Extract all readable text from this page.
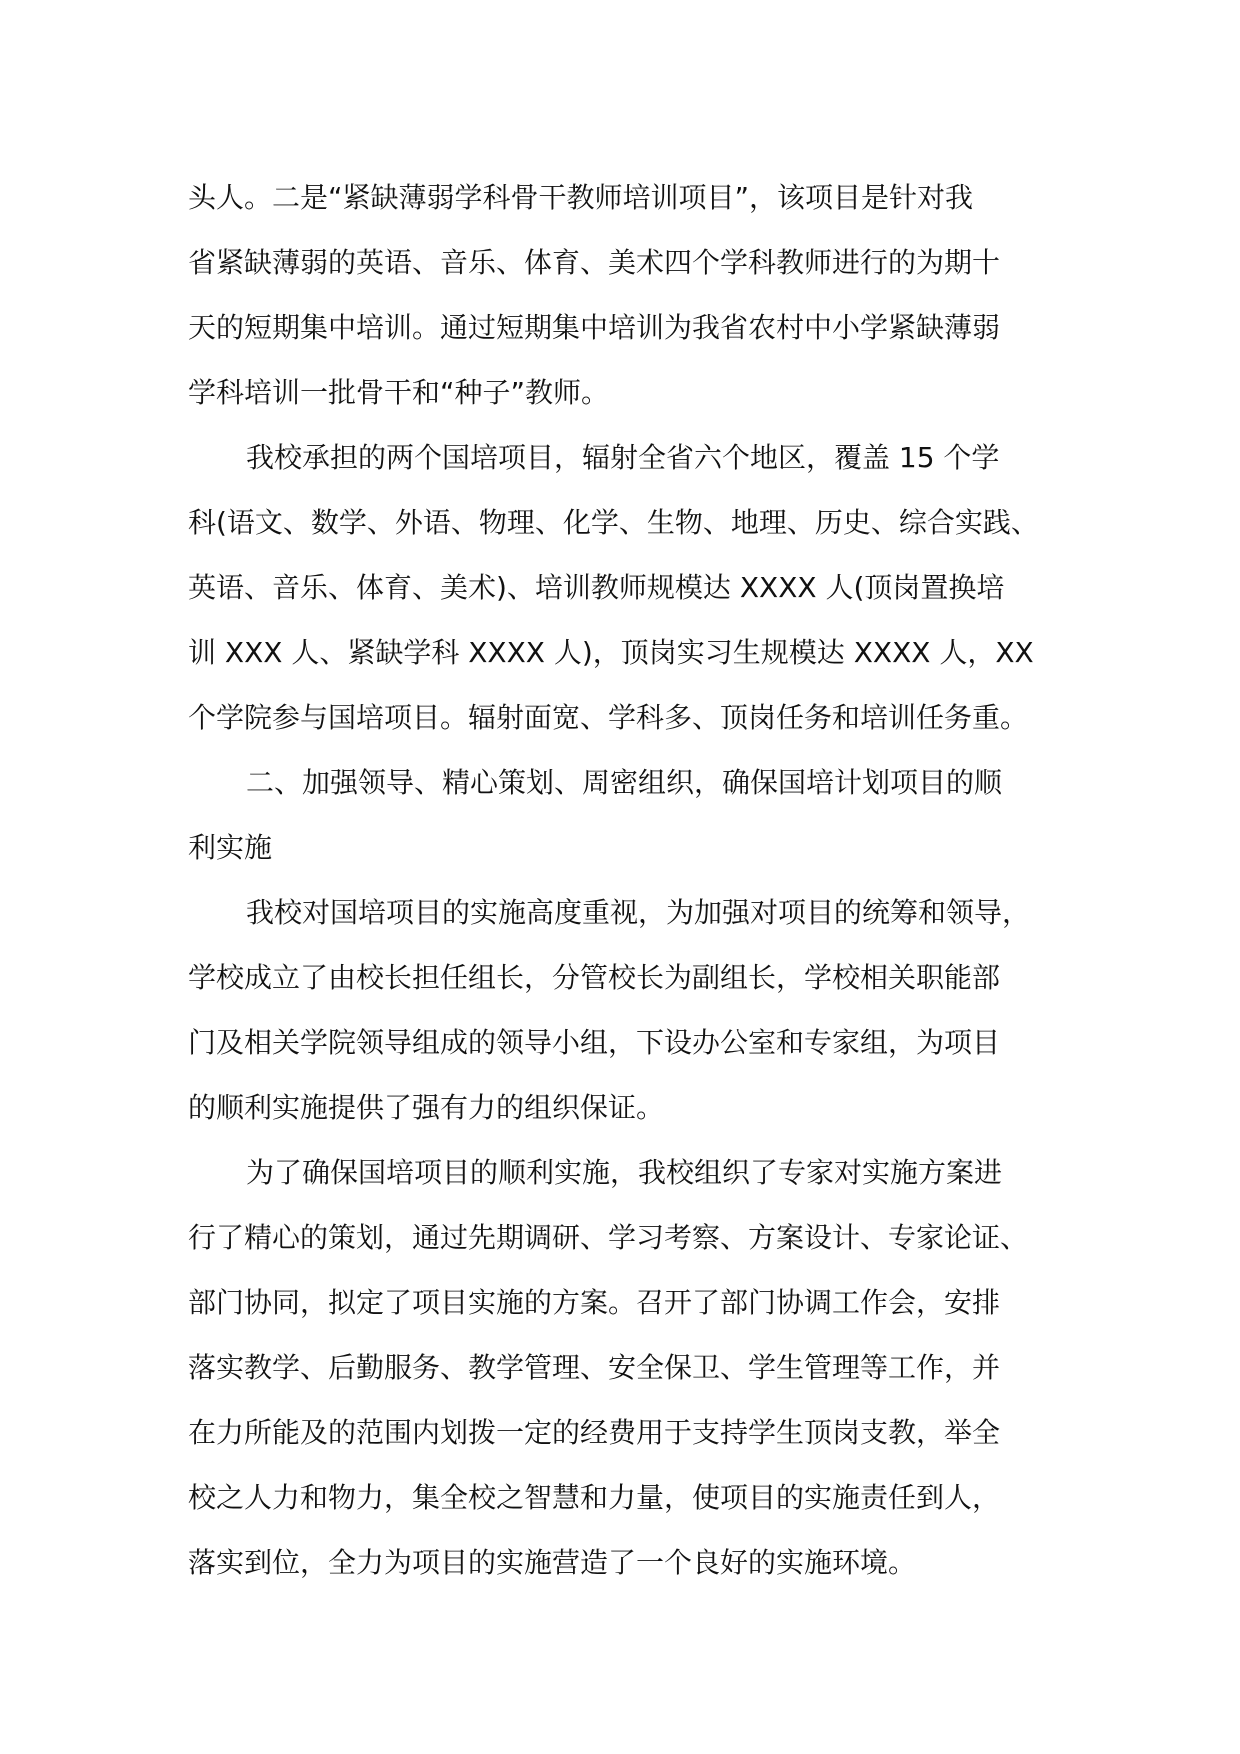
头人。二是“紧缺薄弱学科骨干教师培训项目”，该项目是针对我
省紧缺薄弱的英语、音乐、体育、美术四个学科教师进行的为期十
天的短期集中培训。通过短期集中培训为我省农村中小学紧缺薄弱
学科培训一批骨干和“种子”教师。
我校承担的两个国培项目，辐射全省六个地区，覆盖 15 个学
科(语文、数学、外语、物理、化学、生物、地理、历史、综合实践、
英语、音乐、体育、美术)、培训教师规模达 XXXX 人(顶岗置换培
训 XXX 人、紧缺学科 XXXX 人)，顶岗实习生规模达 XXXX 人，XX
个学院参与国培项目。辐射面宽、学科多、顶岗任务和培训任务重。
二、加强领导、精心策划、周密组织，确保国培计划项目的顺
利实施
我校对国培项目的实施高度重视，为加强对项目的统筹和领导，
学校成立了由校长担任组长，分管校长为副组长，学校相关职能部
门及相关学院领导组成的领导小组，下设办公室和专家组，为项目
的顺利实施提供了强有力的组织保证。
为了确保国培项目的顺利实施，我校组织了专家对实施方案进
行了精心的策划，通过先期调研、学习考察、方案设计、专家论证、
部门协同，拟定了项目实施的方案。召开了部门协调工作会，安排
落实教学、后勤服务、教学管理、安全保卫、学生管理等工作，并
在力所能及的范围内划拨一定的经费用于支持学生顶岗支教，举全
校之人力和物力，集全校之智慧和力量，使项目的实施责任到人，
落实到位，全力为项目的实施营造了一个良好的实施环境。
